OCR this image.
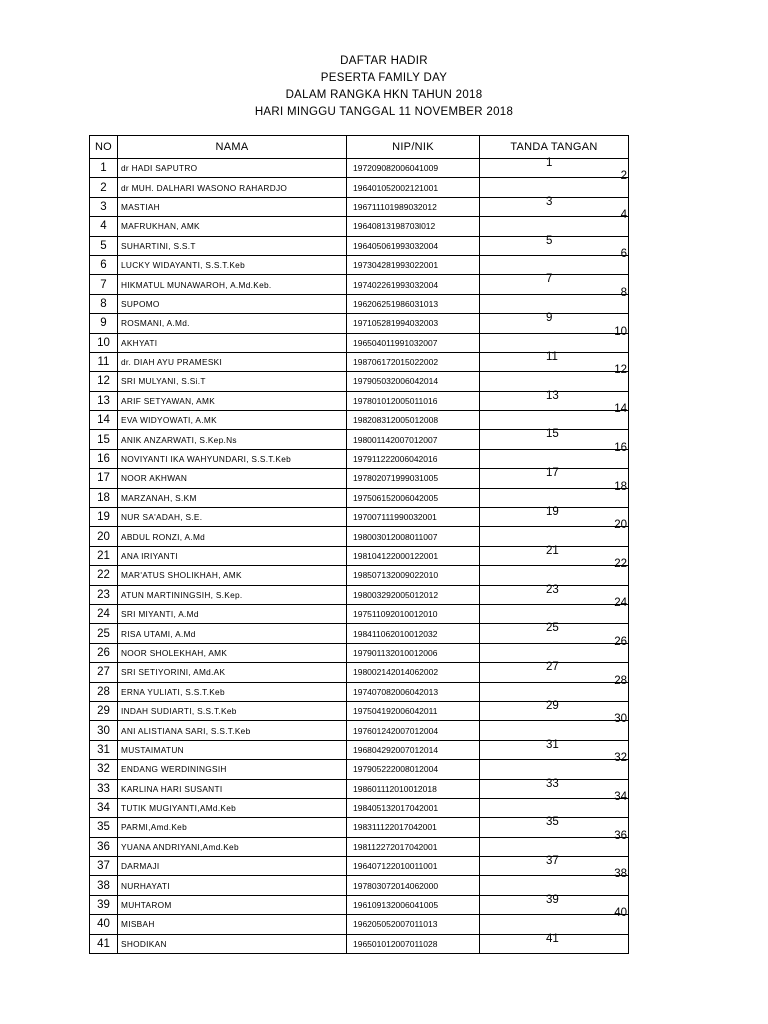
DAFTAR HADIR
PESERTA FAMILY DAY
DALAM RANGKA HKN TAHUN 2018
HARI MINGGU TANGGAL 11 NOVEMBER 2018
NO	NAMA	NIP/NIK	TANDA TANGAN
1	dr HADI SAPUTRO	197209082006041009	1

2	dr MUH. DALHARI WASONO RAHARDJO	196401052002121001	2

3	MASTIAH	196711101989032012	3

4	MAFRUKHAN, AMK	19640813198703l012	4

5	SUHARTINI, S.S.T	196405061993032004	5

6	LUCKY WIDAYANTI, S.S.T.Keb	197304281993022001	6

7	HIKMATUL MUNAWAROH, A.Md.Keb.	197402261993032004	7

8	SUPOMO	196206251986031013	8

9	ROSMANI, A.Md.	197105281994032003	9

10	AKHYATI	196504011991032007	10

11	dr. DIAH AYU PRAMESKI	198706172015022002	11

12	SRI MULYANI, S.Si.T	197905032006042014	12

13	ARIF SETYAWAN, AMK	197801012005011016	13

14	EVA WIDYOWATI, A.MK	198208312005012008	14

15	ANIK ANZARWATI, S.Kep.Ns	198001142007012007	15

16	NOVIYANTI IKA WAHYUNDARI, S.S.T.Keb	197911222006042016	16

17	NOOR AKHWAN	197802071999031005	17

18	MARZANAH, S.KM	197506152006042005	18

19	NUR SA'ADAH, S.E.	197007111990032001	19

20	ABDUL RONZI, A.Md	198003012008011007	20

21	ANA IRIYANTI	198104122000122001	21

22	MAR'ATUS SHOLIKHAH, AMK	198507132009022010	22

23	ATUN MARTININGSIH, S.Kep.	198003292005012012	23

24	SRI MIYANTI, A.Md	197511092010012010	24

25	RISA UTAMI, A.Md	198411062010012032	25

26	NOOR SHOLEKHAH, AMK	197901132010012006	26

27	SRI SETIYORINI, AMd.AK	198002142014062002	27

28	ERNA YULIATI, S.S.T.Keb	197407082006042013	28

29	INDAH SUDIARTI, S.S.T.Keb	197504192006042011	29

30	ANI ALISTIANA SARI, S.S.T.Keb	197601242007012004	30

31	MUSTAIMATUN	196804292007012014	31

32	ENDANG WERDININGSIH	197905222008012004	32

33	KARLINA HARI SUSANTI	198601112010012018	33

34	TUTIK MUGIYANTI,AMd.Keb	198405132017042001	34

35	PARMI,Amd.Keb	198311122017042001	35

36	YUANA ANDRIYANI,Amd.Keb	198112272017042001	36

37	DARMAJI	196407122010011001	37

38	NURHAYATI	197803072014062000	38

39	MUHTAROM	196109132006041005	39

40	MISBAH	196205052007011013	40

41	SHODIKAN	196501012007011028	41
